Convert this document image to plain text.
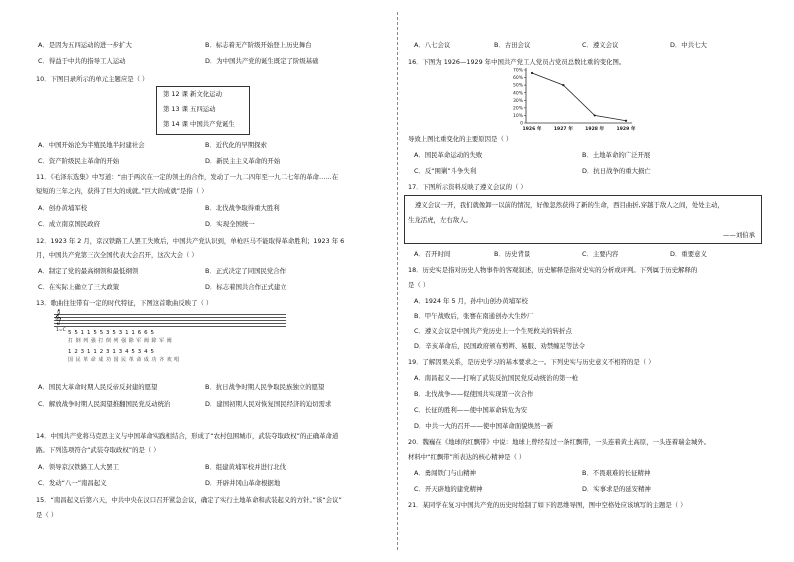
A．是因为五四运动的进一步扩大	B．标志着无产阶级开始登上历史舞台
C．得益于中共的指导工人运动	D．为中国共产党的诞生既定了阶级基础
10．下图目录所示的单元主题应是（ ）
第 12 课 新文化运动
第 13 课 五四运动
第 14 课 中国共产党诞生
A．中国开始沦为半殖民地半封建社会	B．近代化的早期探索
C．资产阶级民主革命的开始	D．新民主主义革命的开始
11．《毛泽东选集》中写道：“由于两次在一定的领土的合作，发动了一九二四年至一九二七年的革命……在
短短的三年之内，获得了巨大的成就。”巨大的成就”是指（ ）
A．创办黄埔军校	B．北伐战争取得重大胜利
C．成立南京国民政府	D．实现全国统一
12．1923 年 2 月，京汉铁路工人罢工失败后，中国共产党认识到，单枪匹马不能取得革命胜利；1923 年 6
月，中国共产党第三次全国代表大会召开，这次大会（ ）
A．制定了党的最高纲领和最低纲领	B．正式决定了同国民党合作
C．在实际上确立了三大政策	D．标志着国共合作正式建立
13．歌曲往往带有一定的时代特征，下图这首歌曲反映了（ ）
𝄞
1=C 5 5 1 1 5 5 3 5 3 1 1 6 6 5
打 倒 列 强 打 倒 列 强 除 军 阀 除 军 阀
1 2 3 1 1 2 3 1 3 4 5 3 4 5
国 民 革 命 成 功 国 民 革 命 成 功 齐 欢 唱
A．国民大革命时期人民反帝反封建的愿望	B．抗日战争时期人民争取民族独立的愿望
C．解放战争时期人民渴望推翻国民党反动统治	D．建国初期人民对恢复国民经济的迫切需求
14．中国共产党将马克思主义与中国革命实践相结合，形成了“农村包围城市，武装夺取政权”的正确革命道
路。下列选项符合“武装夺取政权”的是（ ）
A．领导京汉铁路工人大罢工	B．组建黄埔军校并进行北伐
C．发动“八一”南昌起义	D．开辟井冈山革命根据地
15．“南昌起义后第六天，中共中央在汉口召开紧急会议，确定了实行土地革命和武装起义的方针。”该“会议”
是（ ）
A．八七会议	B．古田会议	C．遵义会议	D．中共七大
16．下图为 1926—1929 年中国共产党工人党员占党员总数比重的变化图。
70%
60%
50%
40%
30%
20%
10%
0
1926 年	1927 年	1928 年	1929 年
导致上图比重变化的主要原因是（ ）
A．国民革命运动的失败	B．土地革命的广泛开展
C．反“围剿”斗争失利	D．抗日战争的重大损亡
17．下图所示资料反映了遵义会议的（ ）
遵义会议一开，我们就像卸一以前的情况，好像忽然获得了新的生命，西目曲折,穿越于敌人之间，处处主动，
生龙活虎，左右敌人。
——刘伯承
A．召开时间	B．历史背景	C．主要内容	D．重要意义
18．历史实是指对历史人物事件的客观叙述，历史解释是指对史实的分析或评判。下列属于历史解释的
是（ ）
A．1924 年 5 月，孙中山创办黄埔军校
B．甲午战败后，张謇在南通创办大生纱厂
C．遵义会议是中国共产党历史上一个生死攸关的转折点
D．辛亥革命后，民国政府颁布剪辫、易服、劝禁缠足等法令
19．了解因果关系，是历史学习的基本要求之一。下列史实与历史意义不相符的是（ ）
A．南昌起义——打响了武装反抗国民党反动统治的第一枪
B．北伐战争——促使国共实现第一次合作
C．长征的胜利——使中国革命转危为安
D．中共一大的召开——使中国革命面貌焕然一新
20．魏巍在《地球的红飘带》中说：地球上曾经有过一条红飘带，一头连着黄土高原，一头连着瑞金城外。
材料中“红飘带”所表达的核心精神是（ ）
A．勇闯铁门与山精神	B．不畏艰难的长征精神
C．开天辟地的建党精神	D．实事求是的延安精神
21．某同学在复习中国共产党的历史时绘制了如下的思维导图，图中空格处应该填写的主题是（ ）
